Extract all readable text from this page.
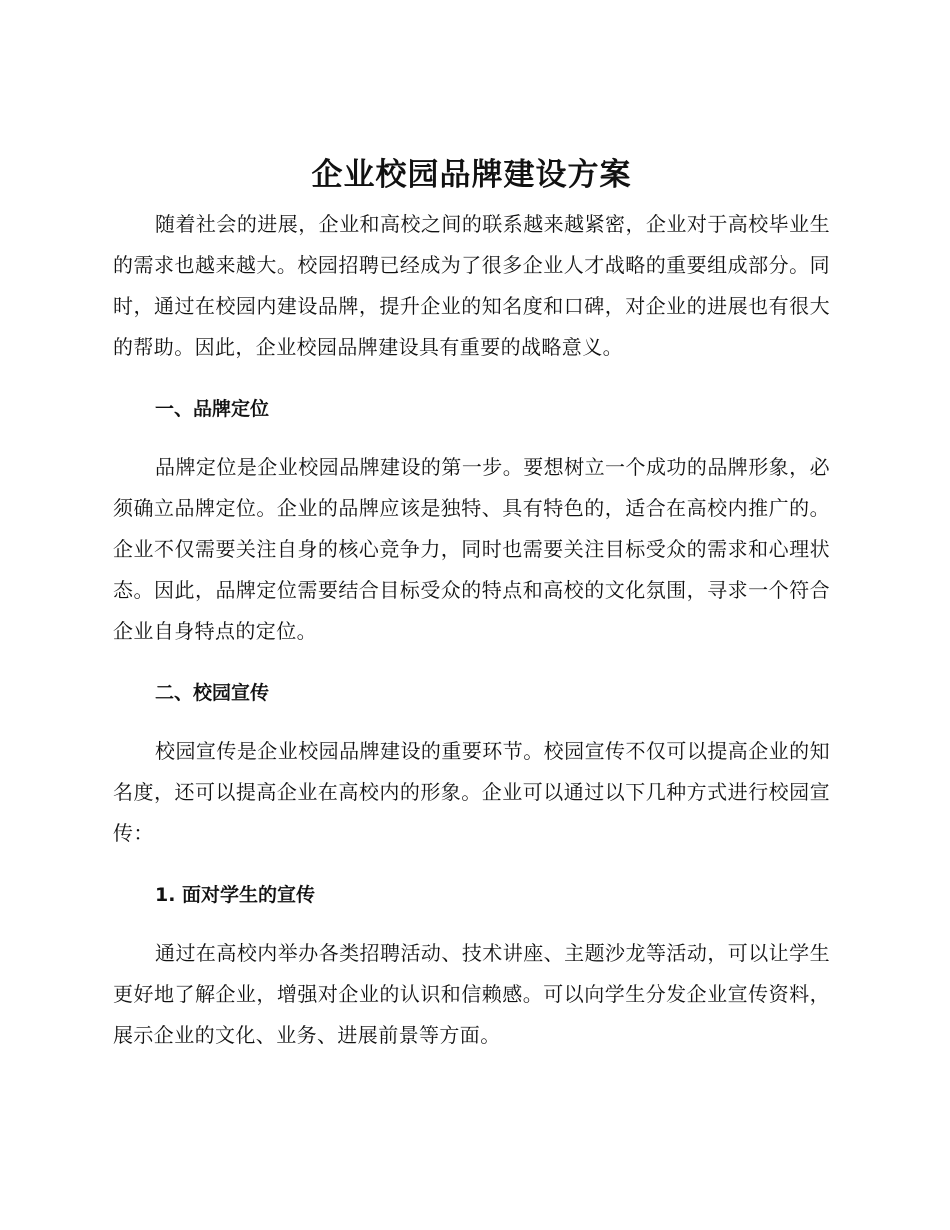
企业校园品牌建设方案

随着社会的进展，企业和高校之间的联系越来越紧密，企业对于高校毕业生的需求也越来越大。校园招聘已经成为了很多企业人才战略的重要组成部分。同时，通过在校园内建设品牌，提升企业的知名度和口碑，对企业的进展也有很大的帮助。因此，企业校园品牌建设具有重要的战略意义。

一、品牌定位

品牌定位是企业校园品牌建设的第一步。要想树立一个成功的品牌形象，必须确立品牌定位。企业的品牌应该是独特、具有特色的，适合在高校内推广的。企业不仅需要关注自身的核心竞争力，同时也需要关注目标受众的需求和心理状态。因此，品牌定位需要结合目标受众的特点和高校的文化氛围，寻求一个符合企业自身特点的定位。

二、校园宣传

校园宣传是企业校园品牌建设的重要环节。校园宣传不仅可以提高企业的知名度，还可以提高企业在高校内的形象。企业可以通过以下几种方式进行校园宣传：

1. 面对学生的宣传

通过在高校内举办各类招聘活动、技术讲座、主题沙龙等活动，可以让学生更好地了解企业，增强对企业的认识和信赖感。可以向学生分发企业宣传资料，展示企业的文化、业务、进展前景等方面。
